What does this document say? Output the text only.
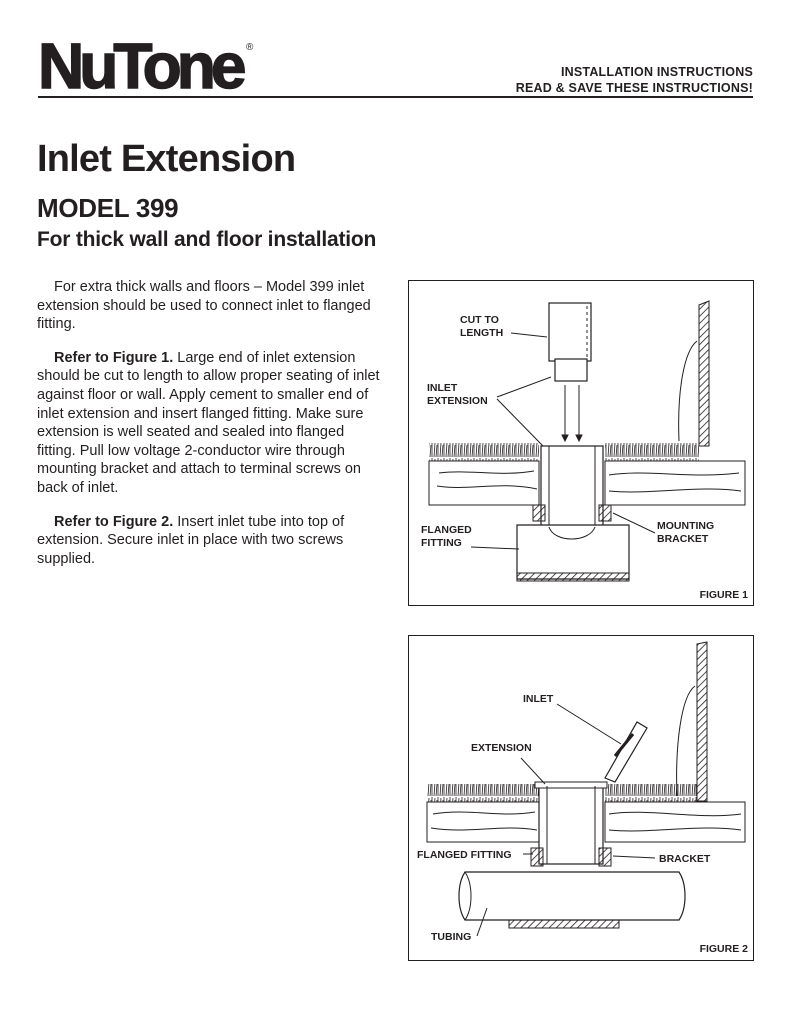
NuTone ®
INSTALLATION INSTRUCTIONS
READ & SAVE THESE INSTRUCTIONS!
Inlet Extension
MODEL 399
For thick wall and floor installation

For extra thick walls and floors – Model 399 inlet extension should be used to connect inlet to flanged fitting.

Refer to Figure 1. Large end of inlet extension should be cut to length to allow proper seating of inlet against floor or wall. Apply cement to smaller end of inlet extension and insert flanged fitting. Make sure extension is well seated and sealed into flanged fitting. Pull low voltage 2-conductor wire through mounting bracket and attach to terminal screws on back of inlet.

Refer to Figure 2. Insert inlet tube into top of extension. Secure inlet in place with two screws supplied.

CUT TO
LENGTH
INLET
EXTENSION
FLANGED
FITTING
MOUNTING
BRACKET
FIGURE 1
INLET
EXTENSION
FLANGED FITTING	BRACKET
TUBING
FIGURE 2
